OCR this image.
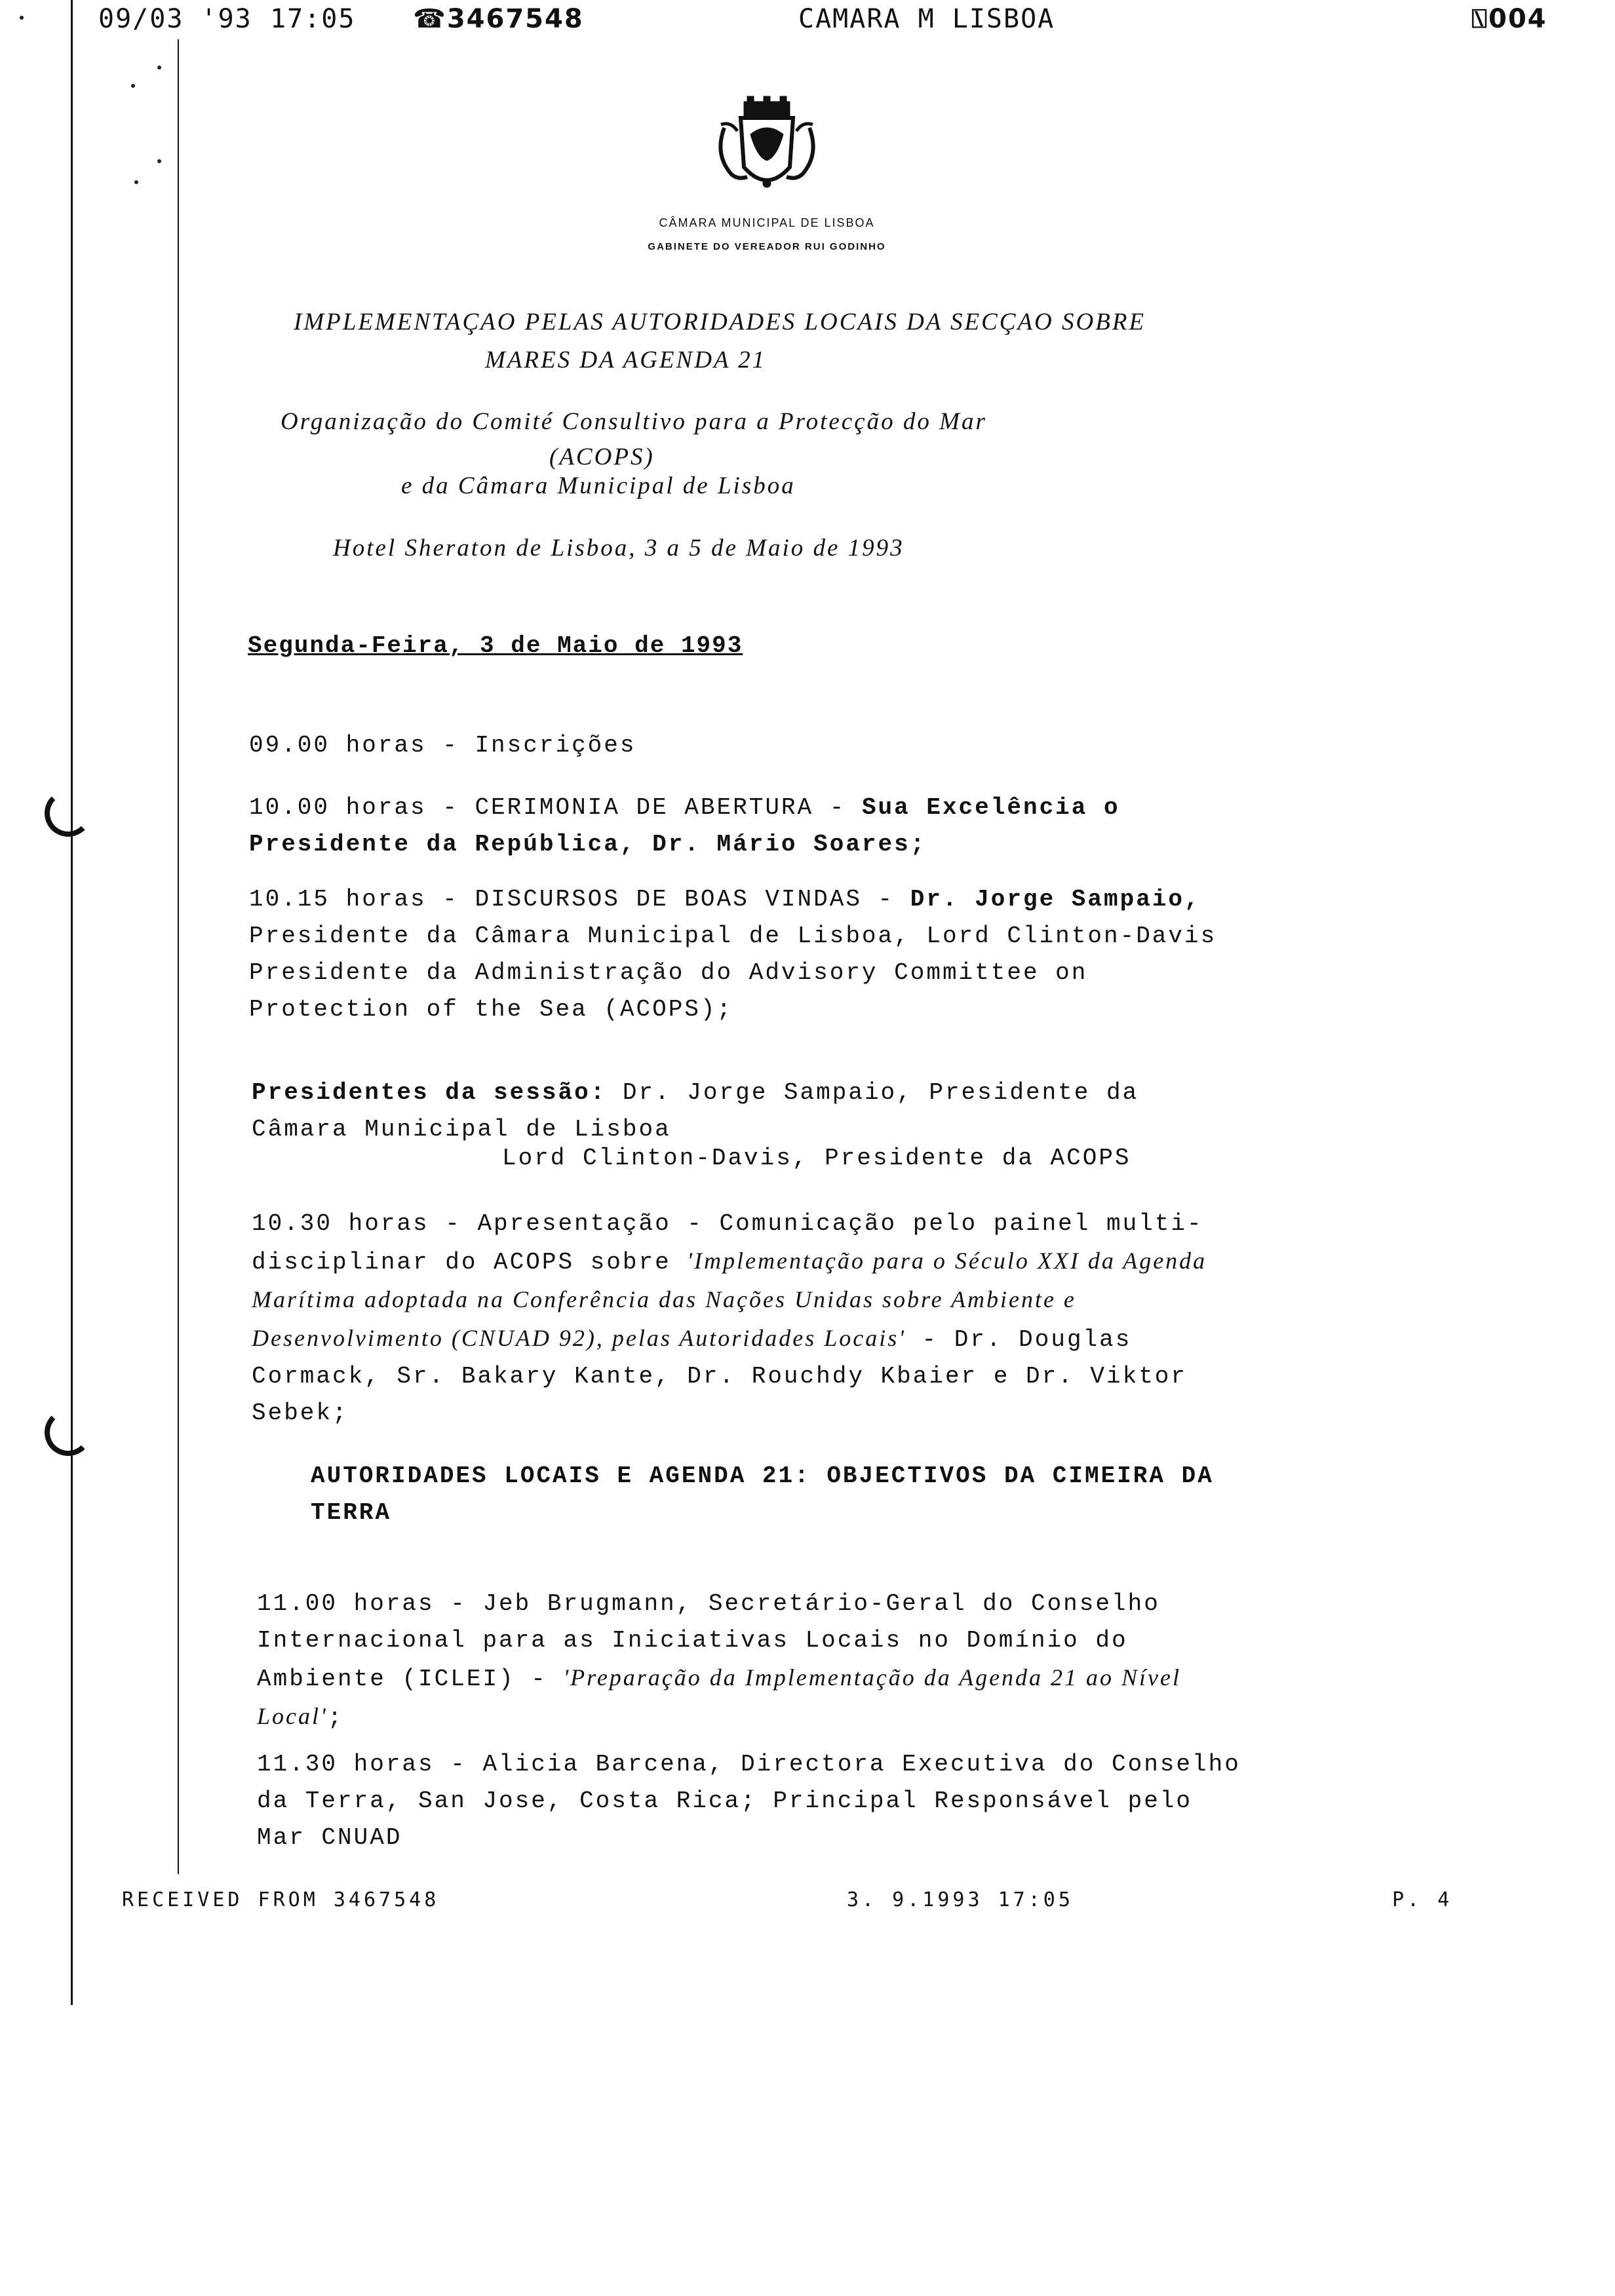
09/03 '93 17:05 ☎3467548	CAMARA M LISBOA	⍂004
CÂMARA MUNICIPAL DE LISBOA
GABINETE DO VEREADOR RUI GODINHO
IMPLEMENTAÇAO PELAS AUTORIDADES LOCAIS DA SECÇAO SOBRE
MARES DA AGENDA 21
Organização do Comité Consultivo para a Protecção do Mar
(ACOPS)
e da Câmara Municipal de Lisboa
Hotel Sheraton de Lisboa, 3 a 5 de Maio de 1993
Segunda-Feira, 3 de Maio de 1993
09.00 horas - Inscrições
10.00 horas - CERIMONIA DE ABERTURA - Sua Excelência o Presidente da República, Dr. Mário Soares;
10.15 horas - DISCURSOS DE BOAS VINDAS - Dr. Jorge Sampaio, Presidente da Câmara Municipal de Lisboa, Lord Clinton-Davis Presidente da Administração do Advisory Committee on Protection of the Sea (ACOPS);
Presidentes da sessão: Dr. Jorge Sampaio, Presidente da Câmara Municipal de Lisboa
Lord Clinton-Davis, Presidente da ACOPS
10.30 horas - Apresentação - Comunicação pelo painel multi-disciplinar do ACOPS sobre 'Implementação para o Século XXI da Agenda Marítima adoptada na Conferência das Nações Unidas sobre Ambiente e Desenvolvimento (CNUAD 92), pelas Autoridades Locais' - Dr. Douglas Cormack, Sr. Bakary Kante, Dr. Rouchdy Kbaier e Dr. Viktor Sebek;
AUTORIDADES LOCAIS E AGENDA 21: OBJECTIVOS DA CIMEIRA DA TERRA
11.00 horas - Jeb Brugmann, Secretário-Geral do Conselho Internacional para as Iniciativas Locais no Domínio do Ambiente (ICLEI) - 'Preparação da Implementação da Agenda 21 ao Nível Local';
11.30 horas - Alicia Barcena, Directora Executiva do Conselho da Terra, San Jose, Costa Rica; Principal Responsável pelo Mar CNUAD
RECEIVED FROM 3467548	3. 9.1993 17:05	P. 4
